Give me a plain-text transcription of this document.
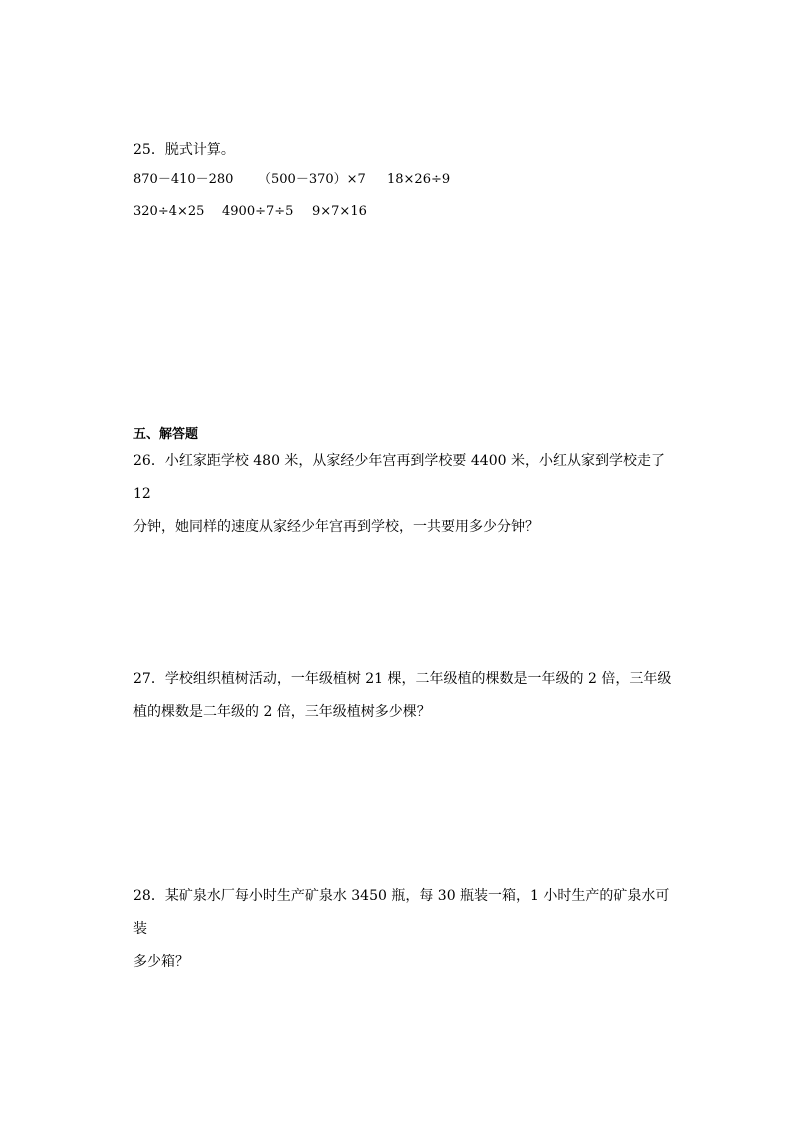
25．脱式计算。
870－410－280 （500－370）×7 18×26÷9
320÷4×25 4900÷7÷5 9×7×16
五、解答题
26．小红家距学校 480 米，从家经少年宫再到学校要 4400 米，小红从家到学校走了 12
分钟，她同样的速度从家经少年宫再到学校，一共要用多少分钟？
27．学校组织植树活动，一年级植树 21 棵，二年级植的棵数是一年级的 2 倍，三年级
植的棵数是二年级的 2 倍，三年级植树多少棵？
28．某矿泉水厂每小时生产矿泉水 3450 瓶，每 30 瓶装一箱，1 小时生产的矿泉水可装
多少箱？
